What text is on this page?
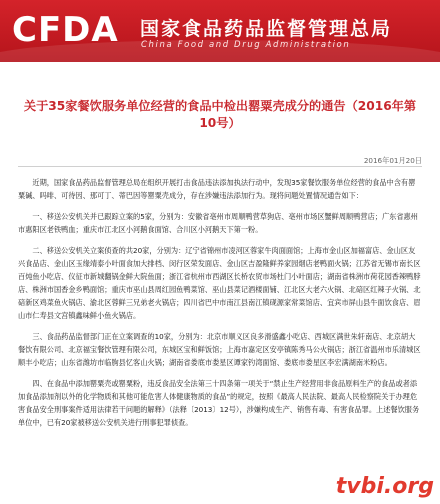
CFDA 国家食品药品监督管理总局
China Food and Drug Administration
关于35家餐饮服务单位经营的食品中检出罂粟壳成分的通告（2016年第10号）
2016年01月20日

近期，国家食品药品监督管理总局在组织开展打击食品违法添加执法行动中，发现35家餐饮服务单位经营的食品中含有罂粟碱、吗啡、可待因、那可丁、蒂巴因等罂粟壳成分，存在涉嫌违法添加行为。现将问题处置情况通告如下：

一、移送公安机关并已跟踪立案的5家，分别为：安徽省亳州市周顺鸭营草狗店、亳州市场区蟹鲜周顺鸭营店；广东省惠州市惠阳区老铁鸭血；重庆市江北区小河鹅食面馆、合川区小河鹅天下第一粉。

二、移送公安机关立案侦查的共20家，分别为：辽宁省锦州市凌河区蓉家牛肉面面馆；上海市金山区加福富店、金山区友兴食品店、金山区玉缘靖泰小叶面食加大排档、闵行区荣发面店、金山区吉盈隆鲜养家园烟店老鸭面火锅；江苏省无锡市南长区百炖鱼小吃店、仪征市新城翻锅金鲜大院鱼面；浙江省杭州市西湖区长桥农贸市场杜门小叶面店；湖南省株洲市荷花园香辣鸭脖店、株洲市国香金乡鸭面馆；重庆市巫山县周红园鱼鸭菜馆、巫山县菜记酒楼面铺、江北区大老六火锅、北碚区红辣子火锅、北碚新区鸡菜鱼火锅店、渝北区蓉鲜三兄弟老火锅店；四川省巴中市南江县南江镇砚源家常菜馆店、宜宾市屏山县牛面饮食店、眉山市仁寿县文宫镇鑫味鲜小鱼火锅店。

三、食品药品监督部门正在立案调查的10家，分别为：北京市顺义区良多滑盛鑫小吃店、西城区满世朱轩南店、北京胡大餐饮有限公司、北京福宝餐饮管理有限公司，东城区宝和鲜饭馆；上海市嘉定区安亭镇陈秀马公火锅店；浙江省温州市乐清城区顺丰小吃店；山东省潍坊市临朐县忆客山火锅；湖南省娄底市娄星区谭家钓湾面馆、娄底市娄星区李宏满湖南米粉店。

四、在食品中添加罂粟壳或罂粟粉，违反食品安全法第三十四条第一项关于“禁止生产经营用非食品原料生产的食品或者添加食品添加剂以外的化学物质和其他可能危害人体健康物质的食品”的规定，按照《最高人民法院、最高人民检察院关于办理危害食品安全刑事案件适用法律若干问题的解释》（法释〔2013〕12号），涉嫌构成生产、销售有毒、有害食品罪。上述餐饮服务单位中，已有20家被移送公安机关进行刑事犯罪侦查。

tvbi.org
